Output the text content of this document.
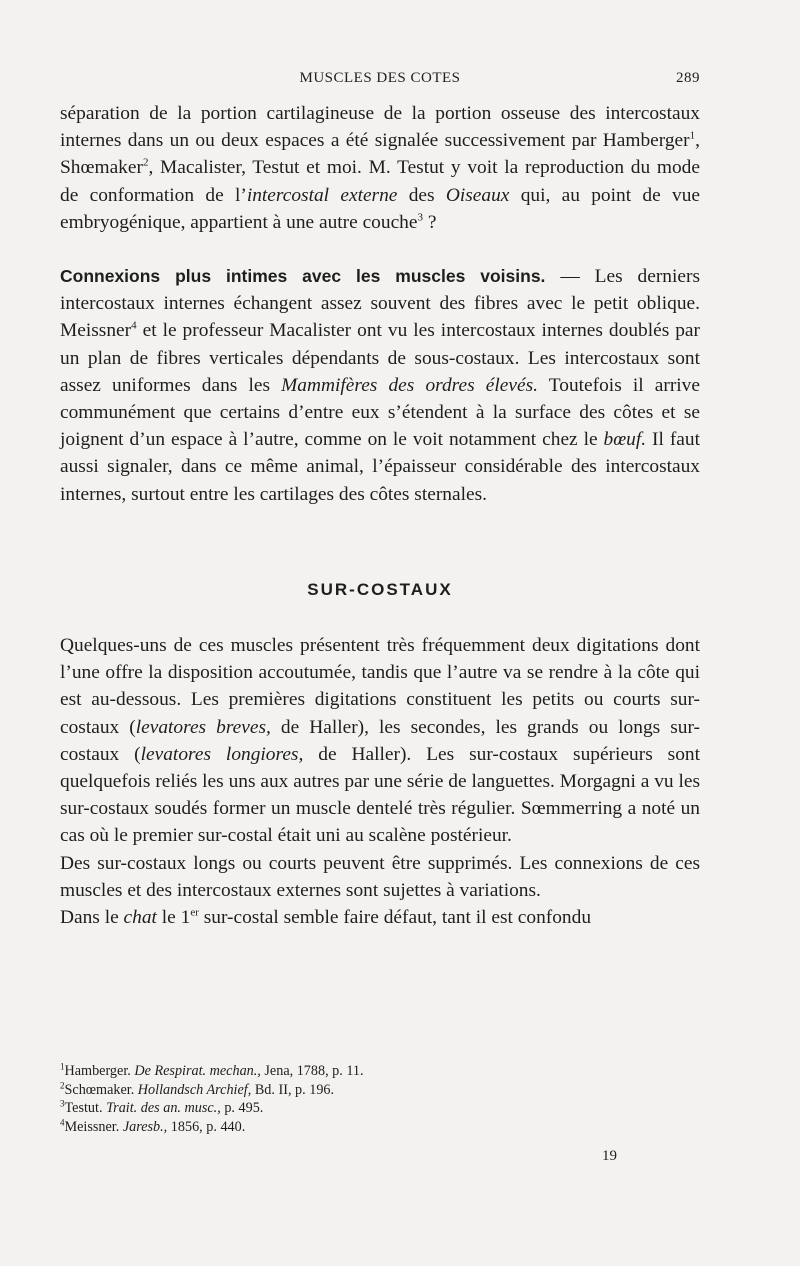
MUSCLES DES COTES	289

séparation de la portion cartilagineuse de la portion osseuse des intercostaux internes dans un ou deux espaces a été signalée successivement par Hamberger$^1$, Shœmaker$^2$, Macalister, Testut et moi. M. Testut y voit la reproduction du mode de conformation de l’intercostal externe des Oiseaux qui, au point de vue embryogénique, appartient à une autre couche$^3$ ?

Connexions plus intimes avec les muscles voisins. — Les derniers intercostaux internes échangent assez souvent des fibres avec le petit oblique. Meissner$^4$ et le professeur Macalister ont vu les intercostaux internes doublés par un plan de fibres verticales dépendants de sous-costaux. Les intercostaux sont assez uniformes dans les Mammifères des ordres élevés. Toutefois il arrive communément que certains d’entre eux s’étendent à la surface des côtes et se joignent d’un espace à l’autre, comme on le voit notamment chez le bœuf. Il faut aussi signaler, dans ce même animal, l’épaisseur considérable des intercostaux internes, surtout entre les cartilages des côtes sternales.

SUR-COSTAUX

Quelques-uns de ces muscles présentent très fréquemment deux digitations dont l’une offre la disposition accoutumée, tandis que l’autre va se rendre à la côte qui est au-dessous. Les premières digitations constituent les petits ou courts sur-costaux (levatores breves, de Haller), les secondes, les grands ou longs sur-costaux (levatores longiores, de Haller). Les sur-costaux supérieurs sont quelquefois reliés les uns aux autres par une série de languettes. Morgagni a vu les sur-costaux soudés former un muscle dentelé très régulier. Sœmmerring a noté un cas où le premier sur-costal était uni au scalène postérieur.

Des sur-costaux longs ou courts peuvent être supprimés. Les connexions de ces muscles et des intercostaux externes sont sujettes à variations.

Dans le chat le 1er sur-costal semble faire défaut, tant il est confondu

$^1$Hamberger. De Respirat. mechan., Jena, 1788, p. 11.

$^2$Schœmaker. Hollandsch Archief, Bd. II, p. 196.

$^3$Testut. Trait. des an. musc., p. 495.

$^4$Meissner. Jaresb., 1856, p. 440.

19
